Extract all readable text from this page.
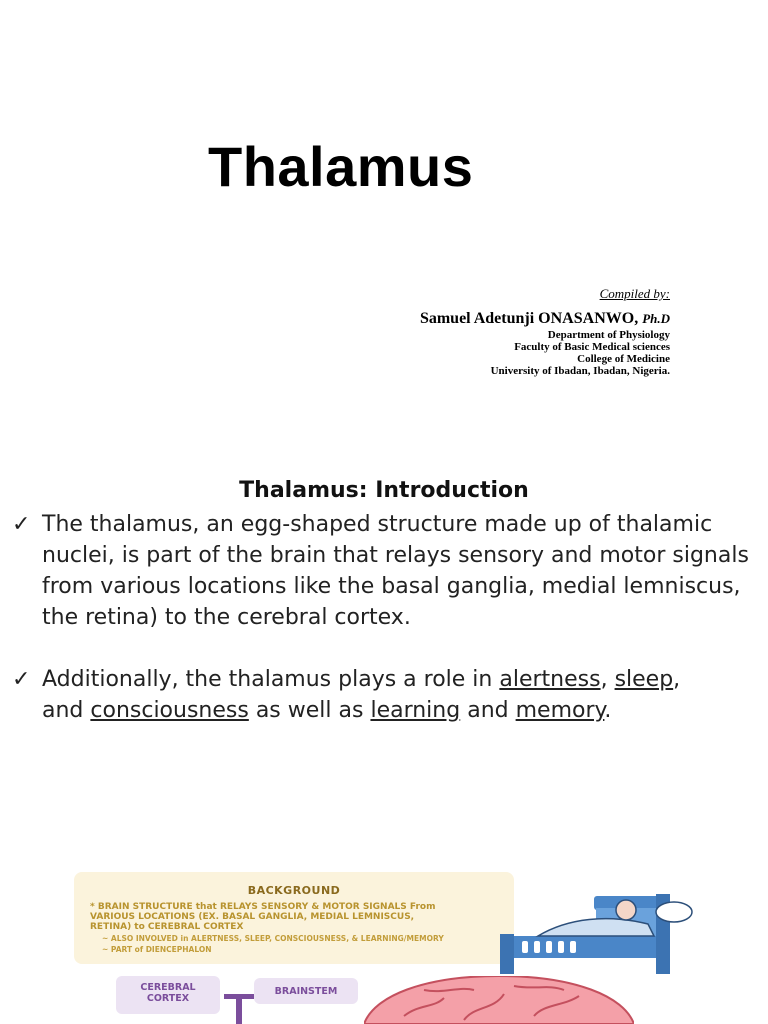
Thalamus
Compiled by:
Samuel Adetunji ONASANWO, Ph.D
Department of Physiology
Faculty of Basic Medical sciences
College of Medicine
University of Ibadan, Ibadan, Nigeria.
Thalamus: Introduction
✓ The thalamus, an egg-shaped structure made up of thalamic nuclei, is part of the brain that relays sensory and motor signals from various locations like the basal ganglia, medial lemniscus, the retina) to the cerebral cortex.
✓ Additionally, the thalamus plays a role in alertness, sleep,
and consciousness as well as learning and memory.
BACKGROUND
* BRAIN STRUCTURE that RELAYS SENSORY & MOTOR SIGNALS From
VARIOUS LOCATIONS (EX. BASAL GANGLIA, MEDIAL LEMNISCUS,
RETINA) to CEREBRAL CORTEX
~ ALSO INVOLVED in ALERTNESS, SLEEP, CONSCIOUSNESS, & LEARNING/MEMORY
~ PART of DIENCEPHALON
CEREBRAL
CORTEX
BRAINSTEM
